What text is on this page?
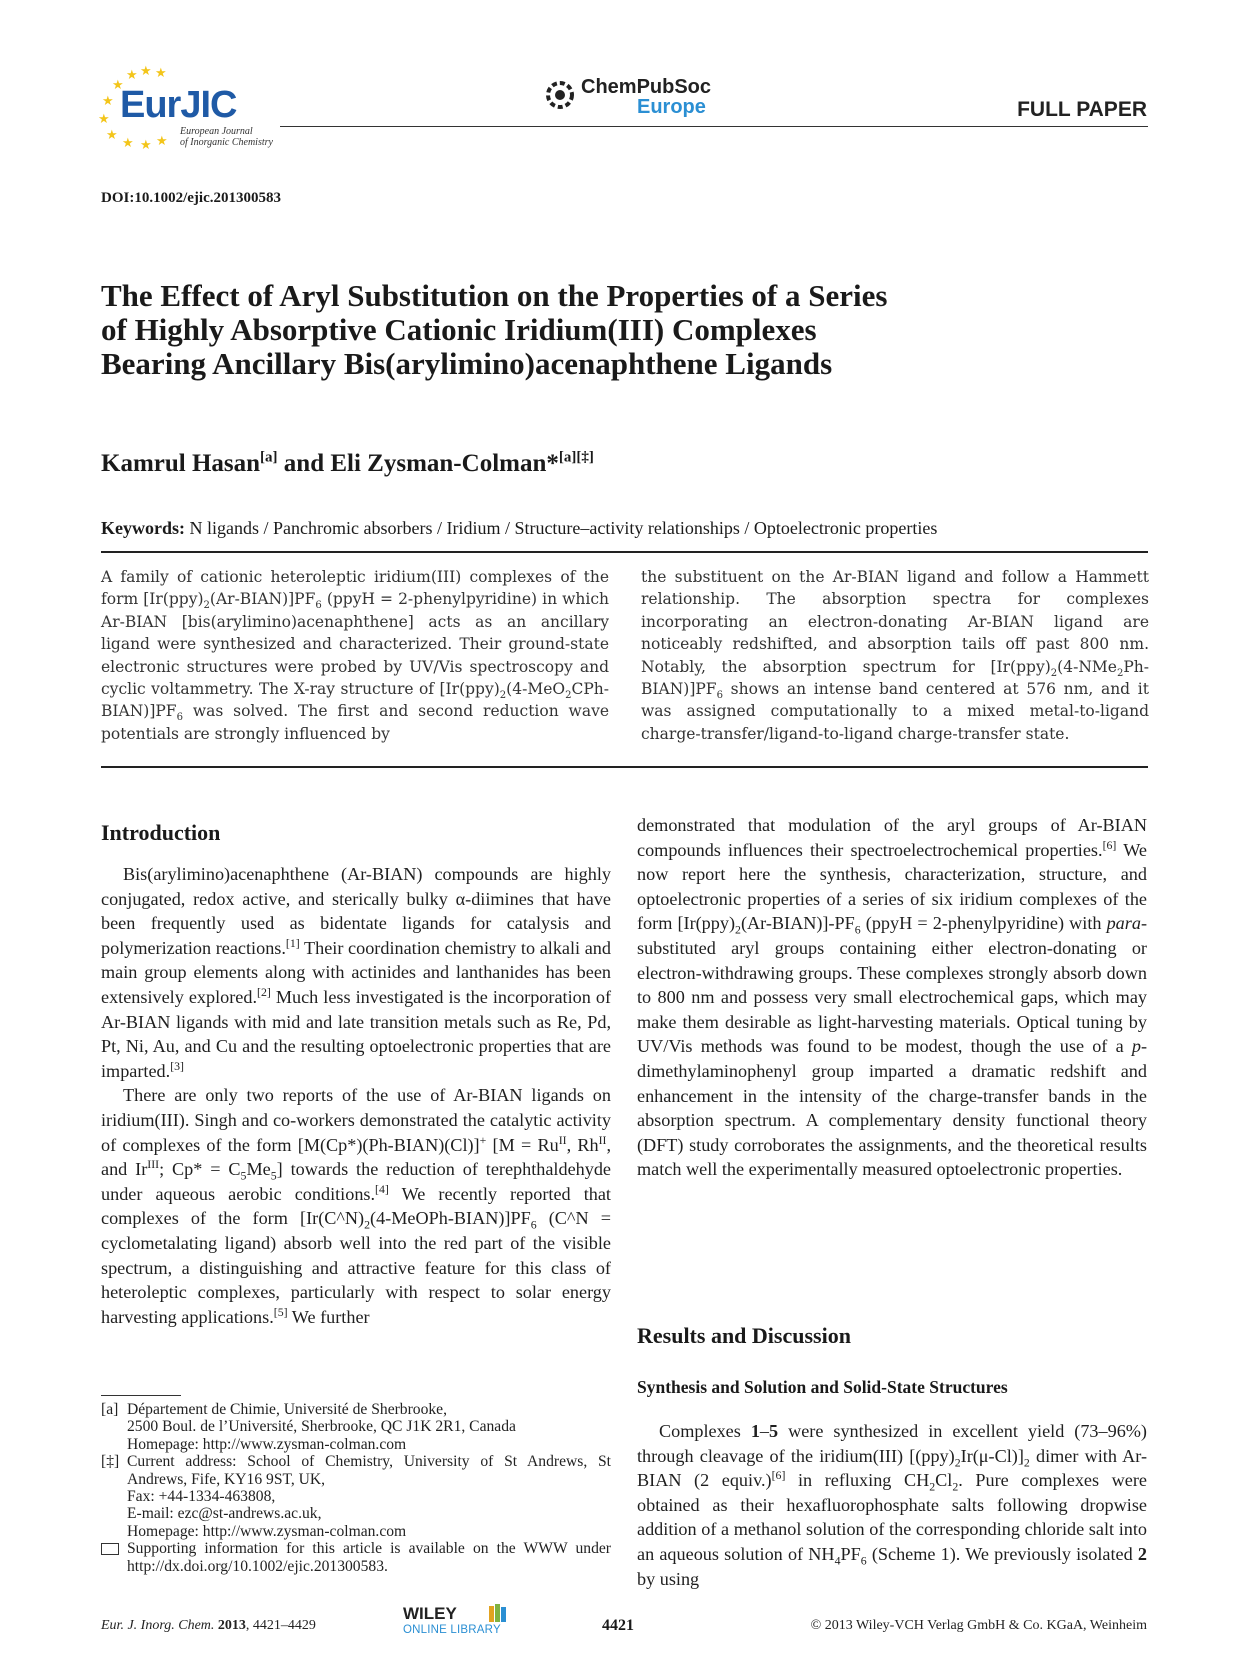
★ ★ ★
★
★
★
★
★ ★ ★
EurJIC
European Journal
of Inorganic Chemistry
ChemPubSoc
Europe	FULL PAPER
DOI:10.1002/ejic.201300583
The Effect of Aryl Substitution on the Properties of a Series of Highly Absorptive Cationic Iridium(III) Complexes Bearing Ancillary Bis(arylimino)acenaphthene Ligands
Kamrul Hasan[a] and Eli Zysman-Colman*[a][‡]
Keywords: N ligands / Panchromic absorbers / Iridium / Structure–activity relationships / Optoelectronic properties

A family of cationic heteroleptic iridium(III) complexes of the form $[Ir(ppy)_2(Ar-BIAN)]PF_6$ (ppyH = 2-phenylpyridine) in which Ar-BIAN [bis(arylimino)acenaphthene] acts as an ancillary ligand were synthesized and characterized. Their ground-state electronic structures were probed by UV/Vis spectroscopy and cyclic voltammetry. The X-ray structure of $[Ir(ppy)_2(4-MeO_2CPh-BIAN)]PF_6$ was solved. The first and second reduction wave potentials are strongly influenced by

the substituent on the Ar-BIAN ligand and follow a Hammett relationship. The absorption spectra for complexes incorporating an electron-donating Ar-BIAN ligand are noticeably redshifted, and absorption tails off past 800 nm. Notably, the absorption spectrum for $[Ir(ppy)_2(4-NMe_2Ph-BIAN)]PF_6$ shows an intense band centered at 576 nm, and it was assigned computationally to a mixed metal-to-ligand charge-transfer/ligand-to-ligand charge-transfer state.

Introduction

Bis(arylimino)acenaphthene (Ar-BIAN) compounds are highly conjugated, redox active, and sterically bulky α-diimines that have been frequently used as bidentate ligands for catalysis and polymerization reactions.[1] Their coordination chemistry to alkali and main group elements along with actinides and lanthanides has been extensively explored.[2] Much less investigated is the incorporation of Ar-BIAN ligands with mid and late transition metals such as Re, Pd, Pt, Ni, Au, and Cu and the resulting optoelectronic properties that are imparted.[3]

There are only two reports of the use of Ar-BIAN ligands on iridium(III). Singh and co-workers demonstrated the catalytic activity of complexes of the form [M(Cp*)(Ph-BIAN)(Cl)]+ [$M = Ru^{II}$, $Rh^{II}$, and $Ir^{III}$; $Cp* = C_5Me_5$] towards the reduction of terephthaldehyde under aqueous aerobic conditions.[4] We recently reported that complexes of the form $[Ir(C\^{}N)_2(4-MeOPh-BIAN)]PF_6$ (C^N = cyclometalating ligand) absorb well into the red part of the visible spectrum, a distinguishing and attractive feature for this class of heteroleptic complexes, particularly with respect to solar energy harvesting applications.[5] We further

[a] Département de Chimie, Université de Sherbrooke,
2500 Boul. de l’Université, Sherbrooke, QC J1K 2R1, Canada
Homepage: http://www.zysman-colman.com
[‡] Current address: School of Chemistry, University of St Andrews, St Andrews, Fife, KY16 9ST, UK,
Fax: +44-1334-463808,
E-mail: ezc@st-andrews.ac.uk,
Homepage: http://www.zysman-colman.com
Supporting information for this article is available on the WWW under http://dx.doi.org/10.1002/ejic.201300583.

demonstrated that modulation of the aryl groups of Ar-BIAN compounds influences their spectroelectrochemical properties.[6] We now report here the synthesis, characterization, structure, and optoelectronic properties of a series of six iridium complexes of the form $[Ir(ppy)_2(Ar-BIAN)]-PF_6$ (ppyH = 2-phenylpyridine) with para-substituted aryl groups containing either electron-donating or electron-withdrawing groups. These complexes strongly absorb down to 800 nm and possess very small electrochemical gaps, which may make them desirable as light-harvesting materials. Optical tuning by UV/Vis methods was found to be modest, though the use of a p-dimethylaminophenyl group imparted a dramatic redshift and enhancement in the intensity of the charge-transfer bands in the absorption spectrum. A complementary density functional theory (DFT) study corroborates the assignments, and the theoretical results match well the experimentally measured optoelectronic properties.

Results and Discussion
Synthesis and Solution and Solid-State Structures

Complexes 1–5 were synthesized in excellent yield (73–96%) through cleavage of the iridium(III) $[(ppy)_2Ir(\mu-Cl)]_2$ dimer with Ar-BIAN (2 equiv.)[6] in refluxing $CH_2Cl_2$. Pure complexes were obtained as their hexafluorophosphate salts following dropwise addition of a methanol solution of the corresponding chloride salt into an aqueous solution of $NH_4PF_6$ (Scheme 1). We previously isolated 2 by using

Eur. J. Inorg. Chem. 2013, 4421–4429
WILEY
ONLINE LIBRARY	4421	© 2013 Wiley-VCH Verlag GmbH & Co. KGaA, Weinheim
